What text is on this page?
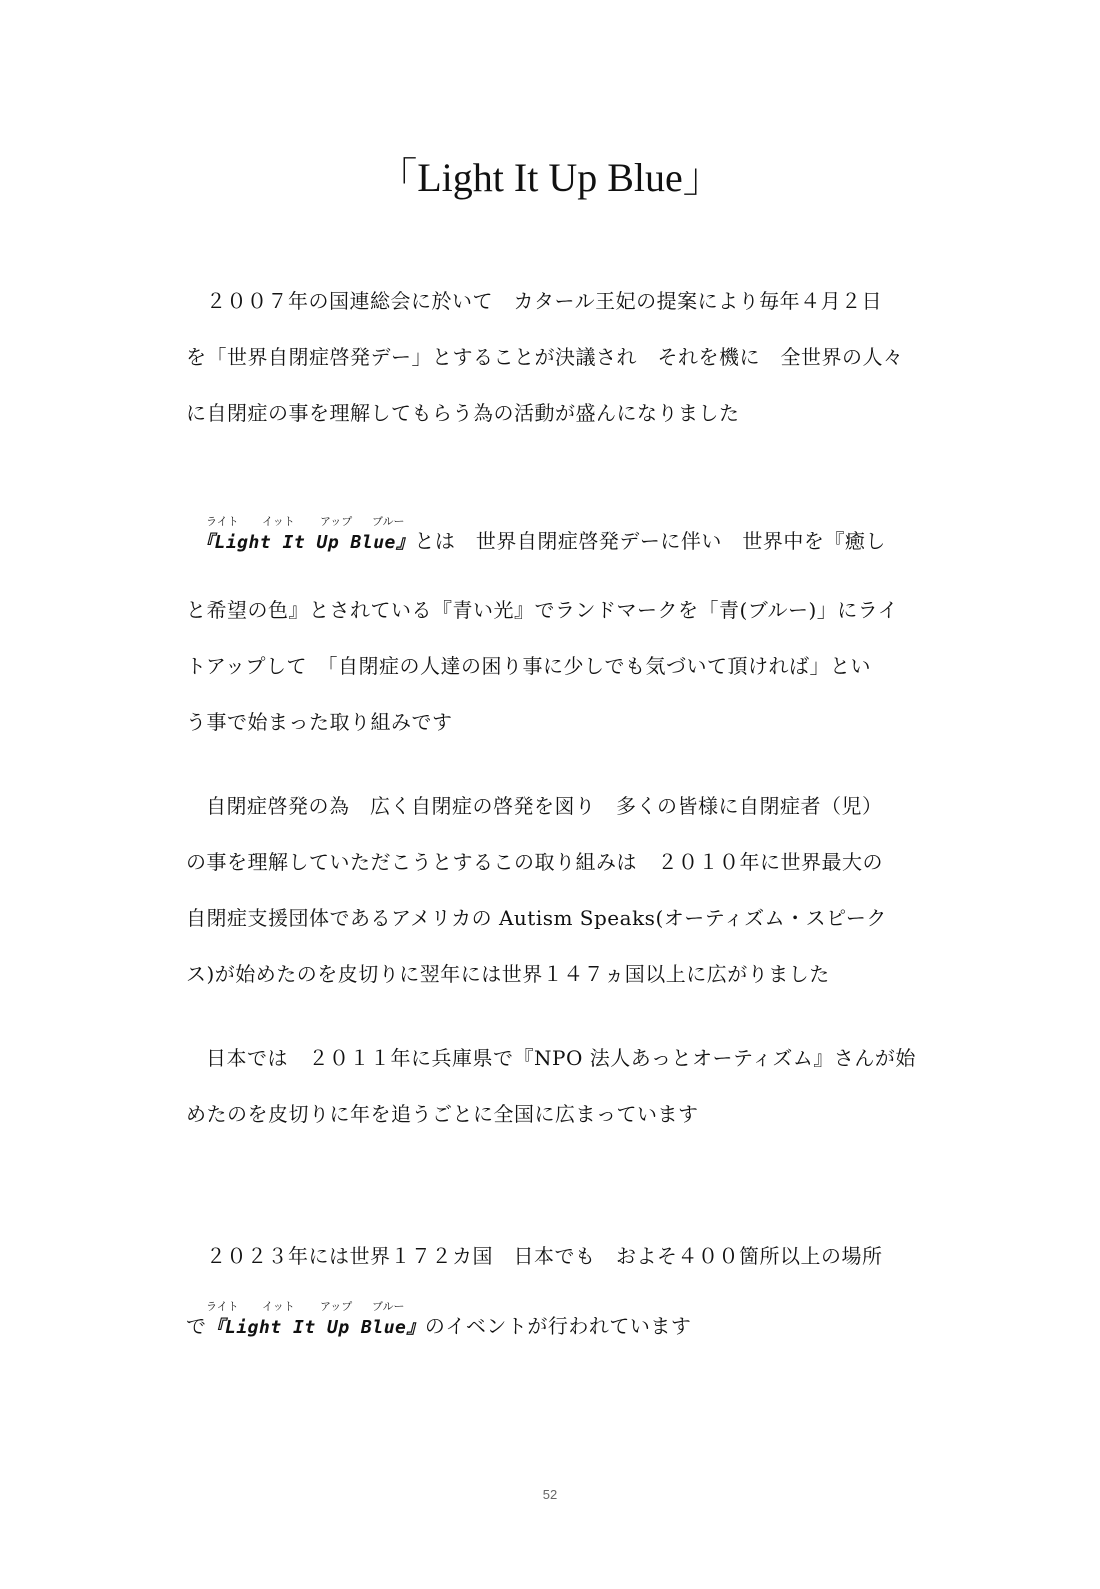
「Light It Up Blue」
２００７年の国連総会に於いて　カタール王妃の提案により毎年４月２日
を「世界自閉症啓発デー」とすることが決議され　それを機に　全世界の人々
に自閉症の事を理解してもらう為の活動が盛んになりました
ライト イット アップ ブルー
『Light It Up Blue』とは　世界自閉症啓発デーに伴い　世界中を『癒し
と希望の色』とされている『青い光』でランドマークを「青(ブルー)」にライ
トアップして　「自閉症の人達の困り事に少しでも気づいて頂ければ」とい
う事で始まった取り組みです
自閉症啓発の為　広く自閉症の啓発を図り　多くの皆様に自閉症者（児）
の事を理解していただこうとするこの取り組みは　２０１０年に世界最大の
自閉症支援団体であるアメリカの Autism Speaks(オーティズム・スピーク
ス)が始めたのを皮切りに翌年には世界１４７ヵ国以上に広がりました
日本では　２０１１年に兵庫県で『NPO 法人あっとオーティズム』さんが始
めたのを皮切りに年を追うごとに全国に広まっています
２０２３年には世界１７２カ国　日本でも　およそ４００箇所以上の場所
ライト イット アップ ブルー
で『Light It Up Blue』のイベントが行われています
52
